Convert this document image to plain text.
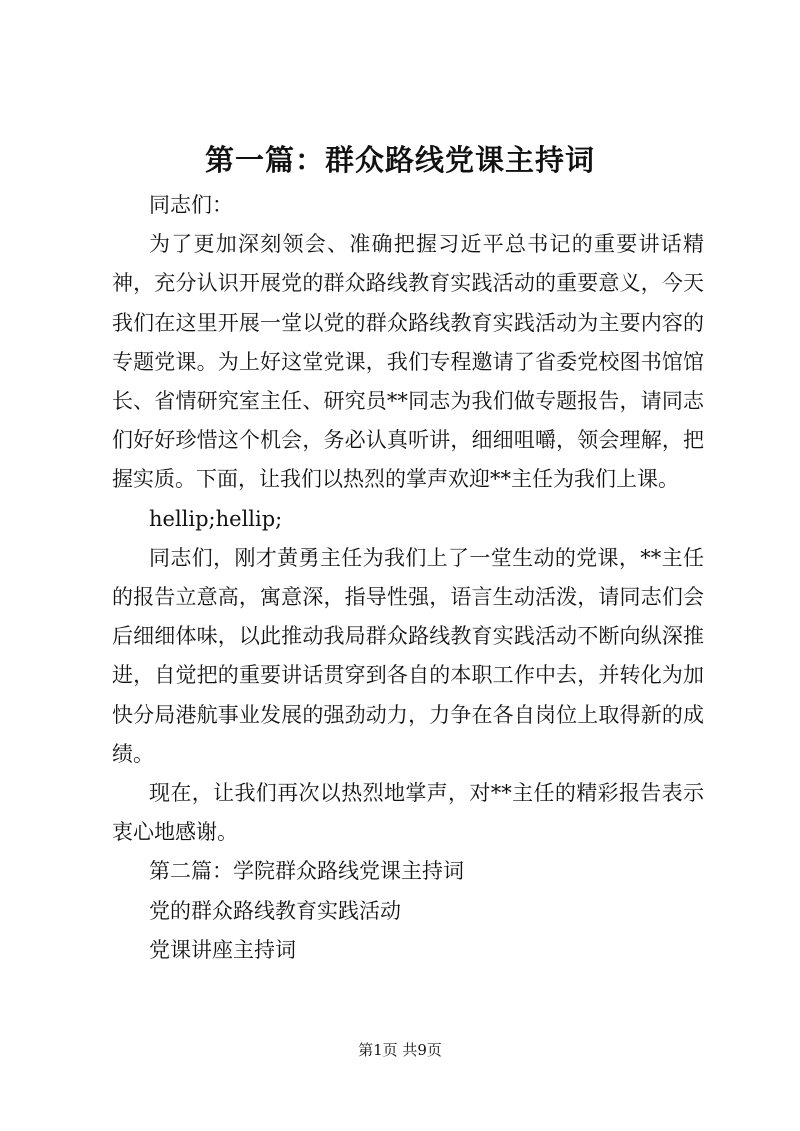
第一篇：群众路线党课主持词

同志们：

为了更加深刻领会、准确把握习近平总书记的重要讲话精神，充分认识开展党的群众路线教育实践活动的重要意义，今天我们在这里开展一堂以党的群众路线教育实践活动为主要内容的专题党课。为上好这堂党课，我们专程邀请了省委党校图书馆馆长、省情研究室主任、研究员**同志为我们做专题报告，请同志们好好珍惜这个机会，务必认真听讲，细细咀嚼，领会理解，把握实质。下面，让我们以热烈的掌声欢迎**主任为我们上课。

hellip;hellip;

同志们，刚才黄勇主任为我们上了一堂生动的党课，**主任的报告立意高，寓意深，指导性强，语言生动活泼，请同志们会后细细体味，以此推动我局群众路线教育实践活动不断向纵深推进，自觉把的重要讲话贯穿到各自的本职工作中去，并转化为加快分局港航事业发展的强劲动力，力争在各自岗位上取得新的成绩。

现在，让我们再次以热烈地掌声，对**主任的精彩报告表示衷心地感谢。

第二篇：学院群众路线党课主持词

党的群众路线教育实践活动

党课讲座主持词

第1页 共9页
